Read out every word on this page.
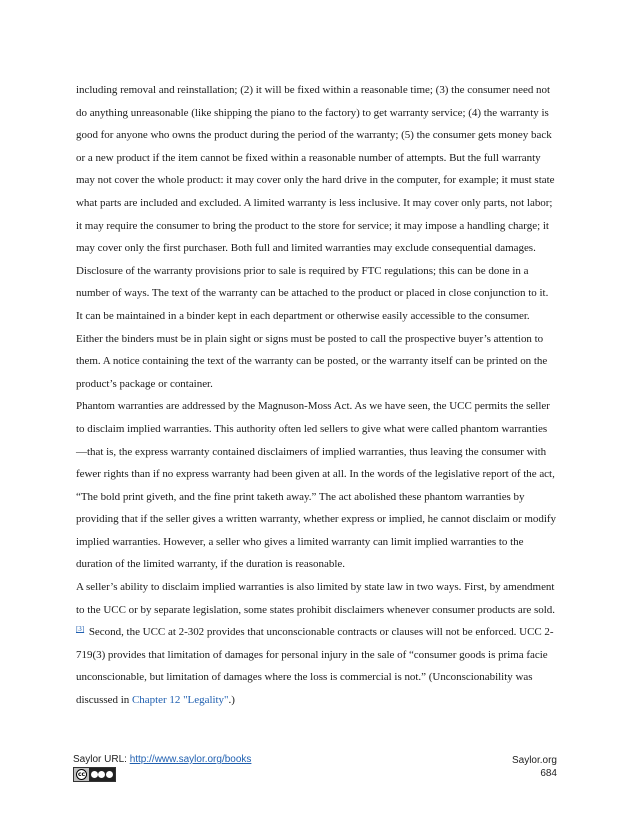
including removal and reinstallation; (2) it will be fixed within a reasonable time; (3) the consumer need not do anything unreasonable (like shipping the piano to the factory) to get warranty service; (4) the warranty is good for anyone who owns the product during the period of the warranty; (5) the consumer gets money back or a new product if the item cannot be fixed within a reasonable number of attempts. But the full warranty may not cover the whole product: it may cover only the hard drive in the computer, for example; it must state what parts are included and excluded. A limited warranty is less inclusive. It may cover only parts, not labor; it may require the consumer to bring the product to the store for service; it may impose a handling charge; it may cover only the first purchaser. Both full and limited warranties may exclude consequential damages.

Disclosure of the warranty provisions prior to sale is required by FTC regulations; this can be done in a number of ways. The text of the warranty can be attached to the product or placed in close conjunction to it. It can be maintained in a binder kept in each department or otherwise easily accessible to the consumer. Either the binders must be in plain sight or signs must be posted to call the prospective buyer’s attention to them. A notice containing the text of the warranty can be posted, or the warranty itself can be printed on the product’s package or container.

Phantom warranties are addressed by the Magnuson-Moss Act. As we have seen, the UCC permits the seller to disclaim implied warranties. This authority often led sellers to give what were called phantom warranties—that is, the express warranty contained disclaimers of implied warranties, thus leaving the consumer with fewer rights than if no express warranty had been given at all. In the words of the legislative report of the act, “The bold print giveth, and the fine print taketh away.” The act abolished these phantom warranties by providing that if the seller gives a written warranty, whether express or implied, he cannot disclaim or modify implied warranties. However, a seller who gives a limited warranty can limit implied warranties to the duration of the limited warranty, if the duration is reasonable.

A seller’s ability to disclaim implied warranties is also limited by state law in two ways. First, by amendment to the UCC or by separate legislation, some states prohibit disclaimers whenever consumer products are sold. [3] Second, the UCC at 2-302 provides that unconscionable contracts or clauses will not be enforced. UCC 2-719(3) provides that limitation of damages for personal injury in the sale of “consumer goods is prima facie unconscionable, but limitation of damages where the loss is commercial is not.” (Unconscionability was discussed in Chapter 12 "Legality".)

Saylor URL: http://www.saylor.org/books
cc
Saylor.org
684
